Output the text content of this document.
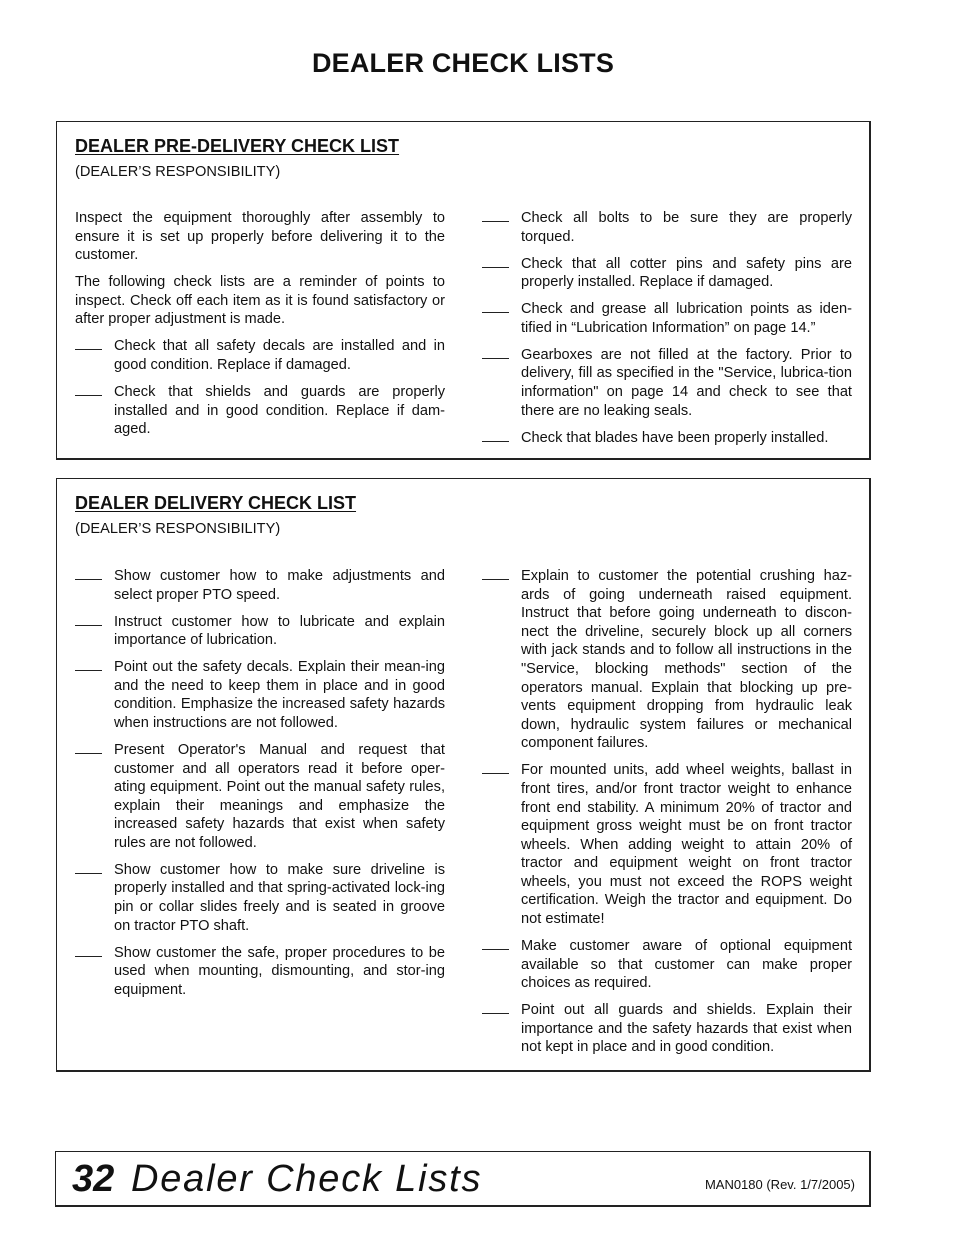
DEALER CHECK LISTS
DEALER PRE-DELIVERY CHECK LIST
(DEALER’S RESPONSIBILITY)

Inspect the equipment thoroughly after assembly to ensure it is set up properly before delivering it to the customer.

The following check lists are a reminder of points to inspect. Check off each item as it is found satisfactory or after proper adjustment is made.

Check that all safety decals are installed and in good condition. Replace if damaged.
Check that shields and guards are properly installed and in good condition. Replace if dam-aged.
Check all bolts to be sure they are properly torqued.
Check that all cotter pins and safety pins are properly installed. Replace if damaged.
Check and grease all lubrication points as iden-tified in “Lubrication Information” on page 14.”
Gearboxes are not filled at the factory. Prior to delivery, fill as specified in the "Service, lubrica-tion information" on page 14 and check to see that there are no leaking seals.
Check that blades have been properly installed.
DEALER DELIVERY CHECK LIST
(DEALER’S RESPONSIBILITY)
Show customer how to make adjustments and select proper PTO speed.
Instruct customer how to lubricate and explain importance of lubrication.
Point out the safety decals. Explain their mean-ing and the need to keep them in place and in good condition. Emphasize the increased safety hazards when instructions are not followed.
Present Operator's Manual and request that customer and all operators read it before oper-ating equipment. Point out the manual safety rules, explain their meanings and emphasize the increased safety hazards that exist when safety rules are not followed.
Show customer how to make sure driveline is properly installed and that spring-activated lock-ing pin or collar slides freely and is seated in groove on tractor PTO shaft.
Show customer the safe, proper procedures to be used when mounting, dismounting, and stor-ing equipment.
Explain to customer the potential crushing haz-ards of going underneath raised equipment. Instruct that before going underneath to discon-nect the driveline, securely block up all corners with jack stands and to follow all instructions in the "Service, blocking methods" section of the operators manual. Explain that blocking up pre-vents equipment dropping from hydraulic leak down, hydraulic system failures or mechanical component failures.
For mounted units, add wheel weights, ballast in front tires, and/or front tractor weight to enhance front end stability. A minimum 20% of tractor and equipment gross weight must be on front tractor wheels. When adding weight to attain 20% of tractor and equipment weight on front tractor wheels, you must not exceed the ROPS weight certification. Weigh the tractor and equipment. Do not estimate!
Make customer aware of optional equipment available so that customer can make proper choices as required.
Point out all guards and shields. Explain their importance and the safety hazards that exist when not kept in place and in good condition.
32 Dealer Check Lists	MAN0180 (Rev. 1/7/2005)
